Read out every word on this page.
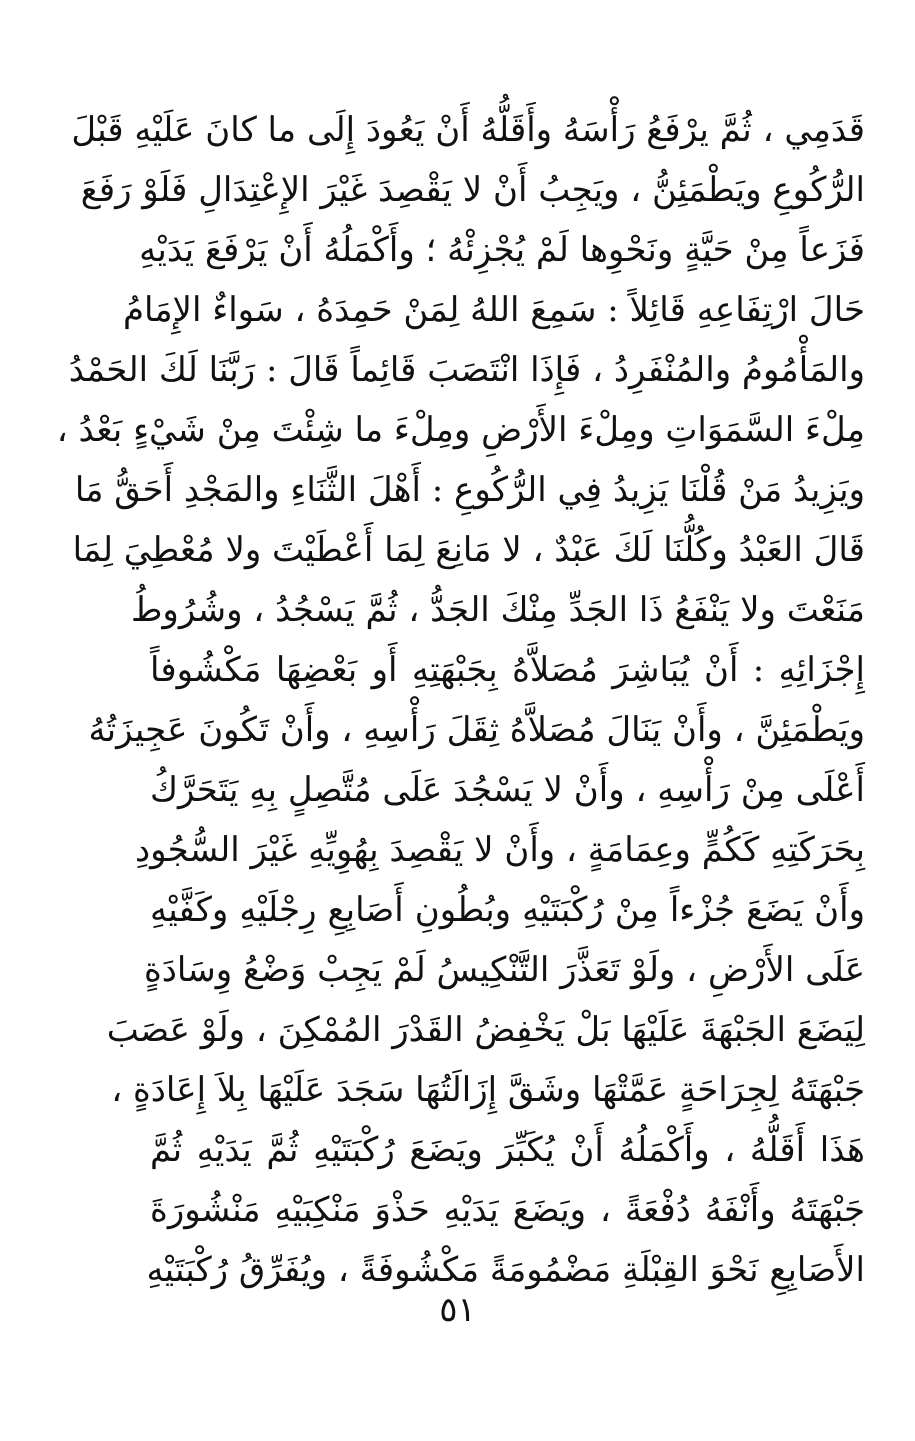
قَدَمِي ، ثُمَّ يرْفَعُ رَأْسَهُ وأَقَلُّهُ أَنْ يَعُودَ إِلَى ما كانَ عَلَيْهِ قَبْلَ
الرُّكُوعِ ويَطْمَئِنُّ ، ويَجِبُ أَنْ لا يَقْصِدَ غَيْرَ الإِعْتِدَالِ فَلَوْ رَفَعَ
فَزَعاً مِنْ حَيَّةٍ ونَحْوِها لَمْ يُجْزِئْهُ ؛ وأَكْمَلُهُ أَنْ يَرْفَعَ يَدَيْهِ
حَالَ ارْتِفَاعِهِ قَائِلاً : سَمِعَ اللهُ لِمَنْ حَمِدَهُ ، سَواءٌ الإِمَامُ
والمَأْمُومُ والمُنْفَرِدُ ، فَإِذَا انْتَصَبَ قَائِماً قَالَ : رَبَّنَا لَكَ الحَمْدُ
مِلْءَ السَّمَوَاتِ ومِلْءَ الأَرْضِ ومِلْءَ ما شِئْتَ مِنْ شَيْءٍ بَعْدُ ،
ويَزِيدُ مَنْ قُلْنَا يَزِيدُ فِي الرُّكُوعِ : أَهْلَ الثَّنَاءِ والمَجْدِ أَحَقُّ مَا
قَالَ العَبْدُ وكُلُّنَا لَكَ عَبْدٌ ، لا مَانِعَ لِمَا أَعْطَيْتَ ولا مُعْطِيَ لِمَا
مَنَعْتَ ولا يَنْفَعُ ذَا الجَدِّ مِنْكَ الجَدُّ ، ثُمَّ يَسْجُدُ ، وشُرُوطُ
إِجْزَائِهِ : أَنْ يُبَاشِرَ مُصَلاَّهُ بِجَبْهَتِهِ أَو بَعْضِهَا مَكْشُوفاً
ويَطْمَئِنَّ ، وأَنْ يَنَالَ مُصَلاَّهُ ثِقَلَ رَأْسِهِ ، وأَنْ تَكُونَ عَجِيزَتُهُ
أَعْلَى مِنْ رَأْسِهِ ، وأَنْ لا يَسْجُدَ عَلَى مُتَّصِلٍ بِهِ يَتَحَرَّكُ
بِحَرَكَتِهِ كَكُمٍّ وعِمَامَةٍ ، وأَنْ لا يَقْصِدَ بِهُوِيِّهِ غَيْرَ السُّجُودِ
وأَنْ يَضَعَ جُزْءاً مِنْ رُكْبَتَيْهِ وبُطُونِ أَصَابِعِ رِجْلَيْهِ وكَفَّيْهِ
عَلَى الأَرْضِ ، ولَوْ تَعَذَّرَ التَّنْكِيسُ لَمْ يَجِبْ وَضْعُ وِسَادَةٍ
لِيَضَعَ الجَبْهَةَ عَلَيْهَا بَلْ يَخْفِضُ القَدْرَ المُمْكِنَ ، ولَوْ عَصَبَ
جَبْهَتَهُ لِجِرَاحَةٍ عَمَّتْهَا وشَقَّ إِزَالَتُهَا سَجَدَ عَلَيْهَا بِلاَ إِعَادَةٍ ،
هَذَا أَقَلُّهُ ، وأَكْمَلُهُ أَنْ يُكَبِّرَ ويَضَعَ رُكْبَتَيْهِ ثُمَّ يَدَيْهِ ثُمَّ
جَبْهَتَهُ وأَنْفَهُ دُفْعَةً ، ويَضَعَ يَدَيْهِ حَذْوَ مَنْكِبَيْهِ مَنْشُورَةَ
الأَصَابِعِ نَحْوَ القِبْلَةِ مَضْمُومَةً مَكْشُوفَةً ، ويُفَرِّقُ رُكْبَتَيْهِ
٥١
